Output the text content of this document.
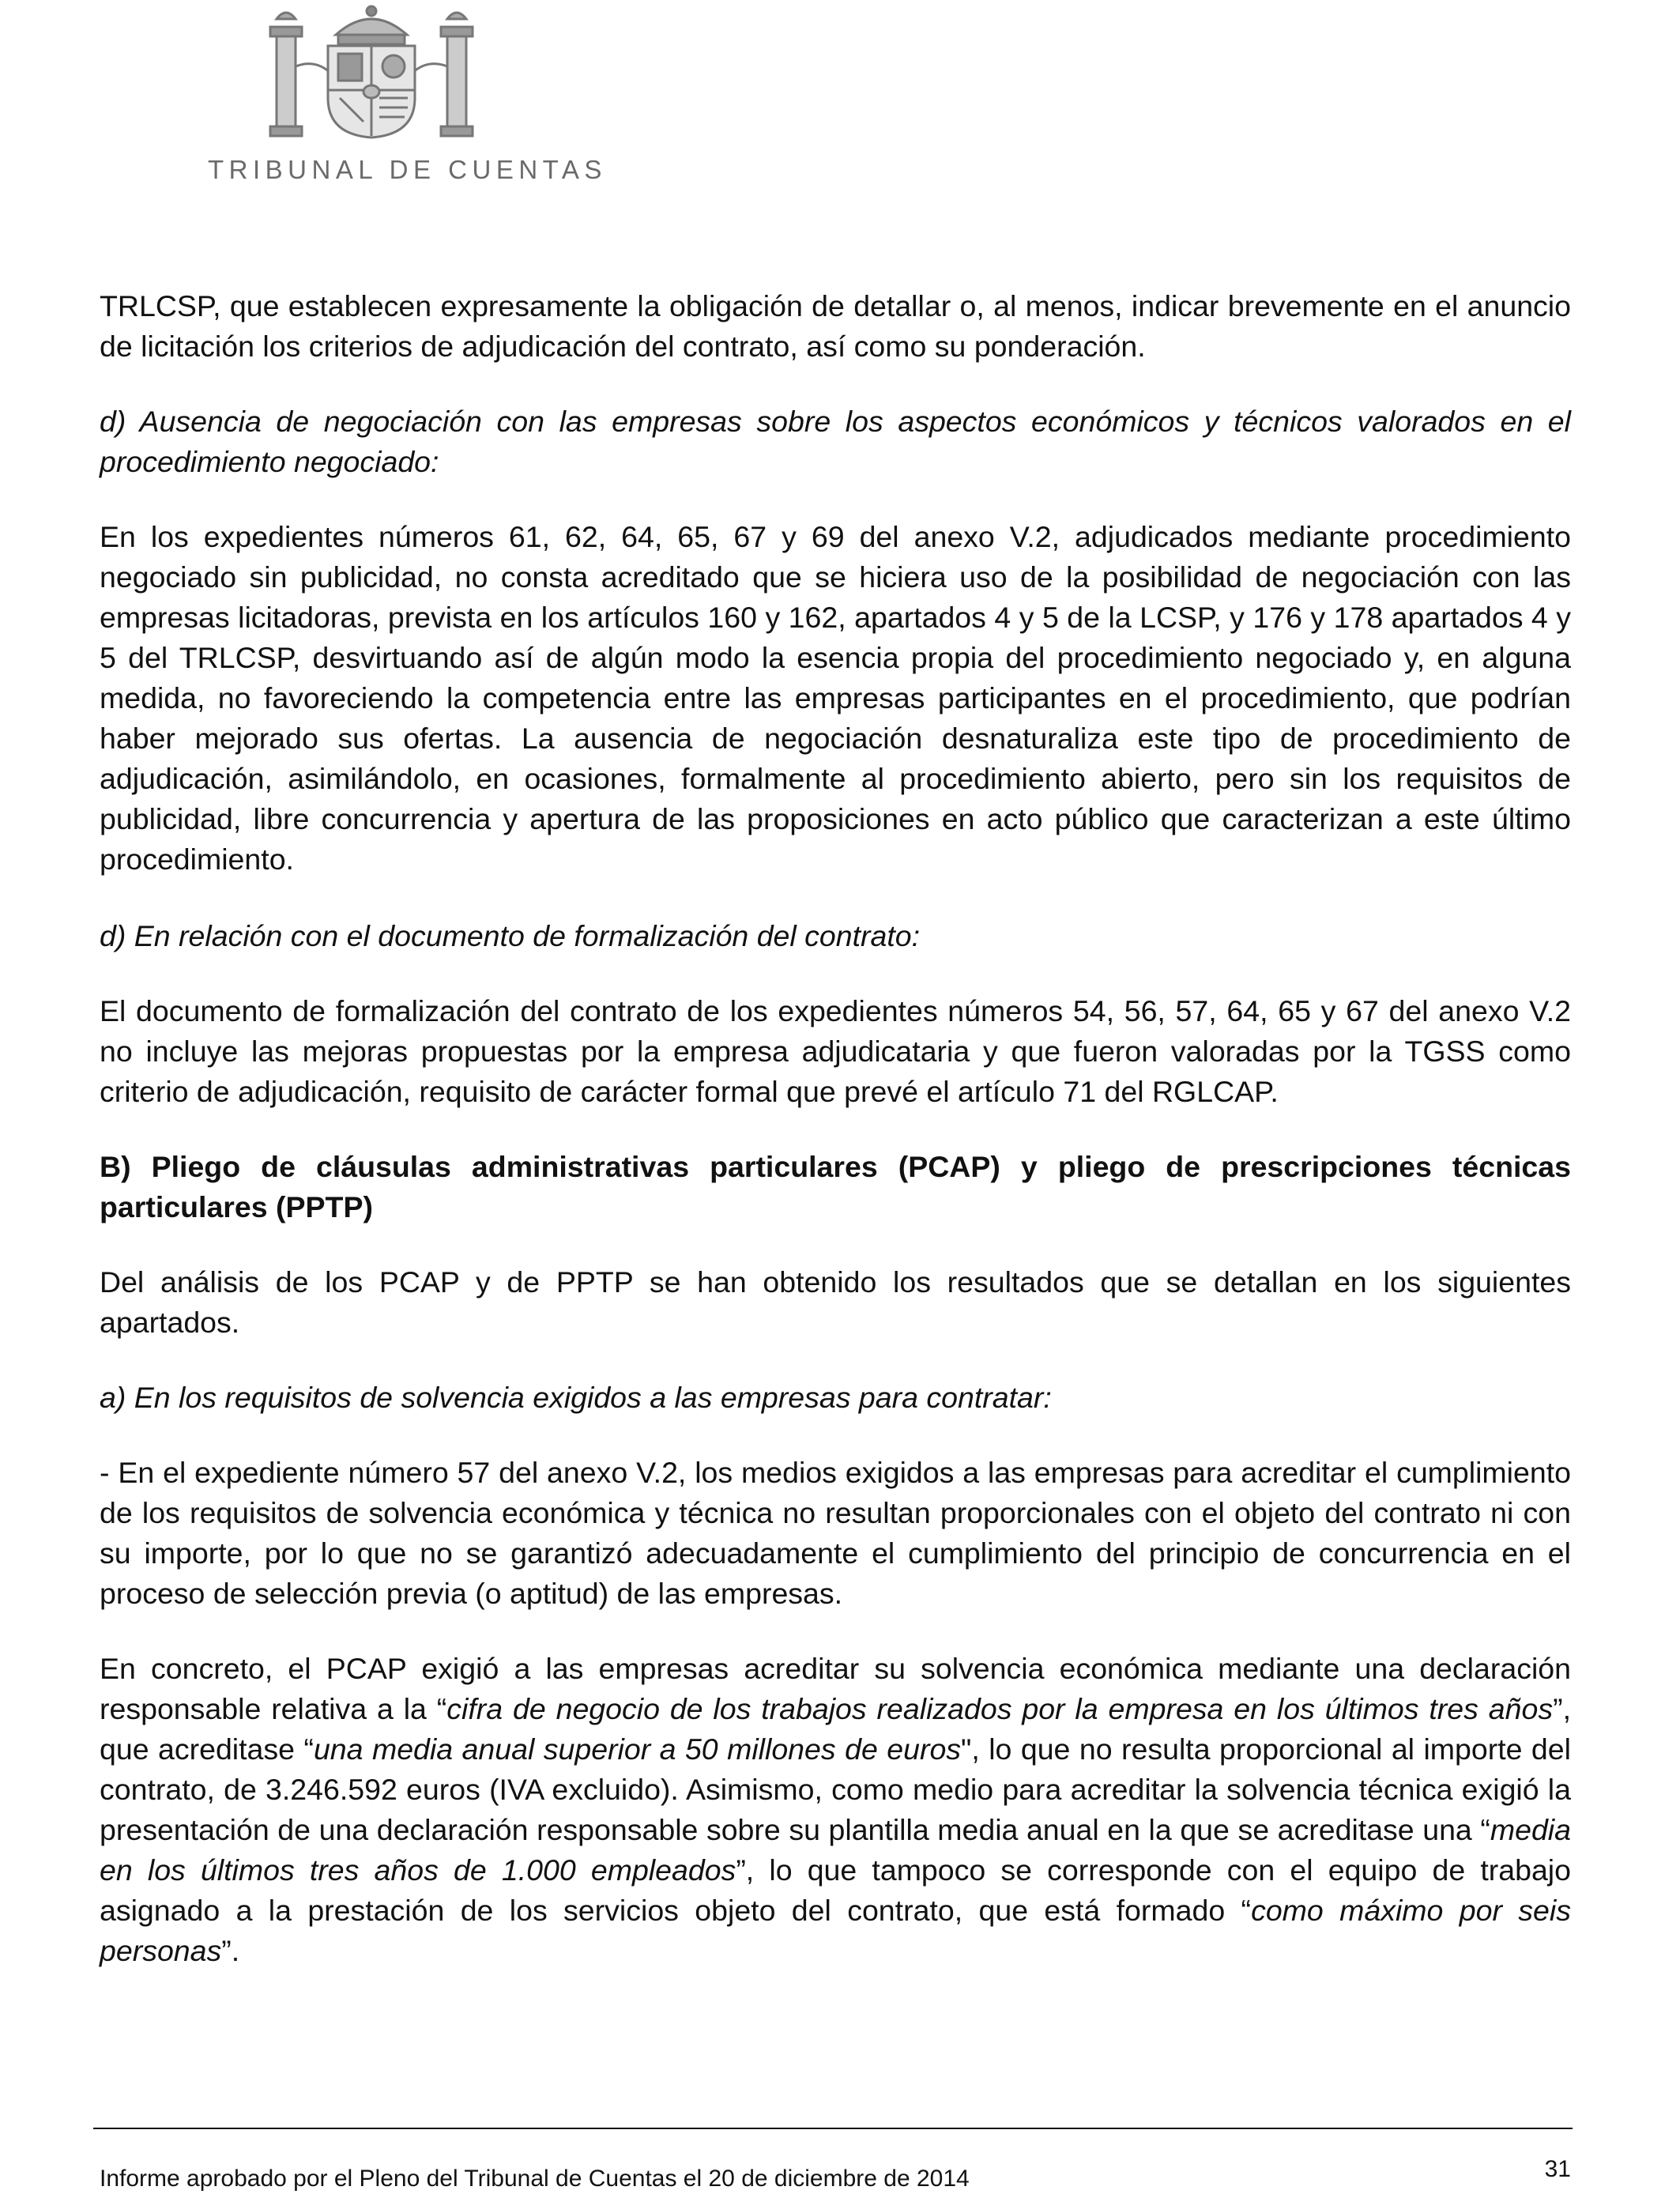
TRIBUNAL DE CUENTAS

TRLCSP, que establecen expresamente la obligación de detallar o, al menos, indicar brevemente en el anuncio de licitación los criterios de adjudicación del contrato, así como su ponderación.

d) Ausencia de negociación con las empresas sobre los aspectos económicos y técnicos valorados en el procedimiento negociado:

En los expedientes números 61, 62, 64, 65, 67 y 69 del anexo V.2, adjudicados mediante procedimiento negociado sin publicidad, no consta acreditado que se hiciera uso de la posibilidad de negociación con las empresas licitadoras, prevista en los artículos 160 y 162, apartados 4 y 5 de la LCSP, y 176 y 178 apartados 4 y 5 del TRLCSP, desvirtuando así de algún modo la esencia propia del procedimiento negociado y, en alguna medida, no favoreciendo la competencia entre las empresas participantes en el procedimiento, que podrían haber mejorado sus ofertas. La ausencia de negociación desnaturaliza este tipo de procedimiento de adjudicación, asimilándolo, en ocasiones, formalmente al procedimiento abierto, pero sin los requisitos de publicidad, libre concurrencia y apertura de las proposiciones en acto público que caracterizan a este último procedimiento.

d) En relación con el documento de formalización del contrato:

El documento de formalización del contrato de los expedientes números 54, 56, 57, 64, 65 y 67 del anexo V.2 no incluye las mejoras propuestas por la empresa adjudicataria y que fueron valoradas por la TGSS como criterio de adjudicación, requisito de carácter formal que prevé el artículo 71 del RGLCAP.

B) Pliego de cláusulas administrativas particulares (PCAP) y pliego de prescripciones técnicas particulares (PPTP)

Del análisis de los PCAP y de PPTP se han obtenido los resultados que se detallan en los siguientes apartados.

a) En los requisitos de solvencia exigidos a las empresas para contratar:

- En el expediente número 57 del anexo V.2, los medios exigidos a las empresas para acreditar el cumplimiento de los requisitos de solvencia económica y técnica no resultan proporcionales con el objeto del contrato ni con su importe, por lo que no se garantizó adecuadamente el cumplimiento del principio de concurrencia en el proceso de selección previa (o aptitud) de las empresas.

En concreto, el PCAP exigió a las empresas acreditar su solvencia económica mediante una declaración responsable relativa a la “cifra de negocio de los trabajos realizados por la empresa en los últimos tres años”, que acreditase “una media anual superior a 50 millones de euros", lo que no resulta proporcional al importe del contrato, de 3.246.592 euros (IVA excluido). Asimismo, como medio para acreditar la solvencia técnica exigió la presentación de una declaración responsable sobre su plantilla media anual en la que se acreditase una “media en los últimos tres años de 1.000 empleados”, lo que tampoco se corresponde con el equipo de trabajo asignado a la prestación de los servicios objeto del contrato, que está formado “como máximo por seis personas”.

31
Informe aprobado por el Pleno del Tribunal de Cuentas el 20 de diciembre de 2014
